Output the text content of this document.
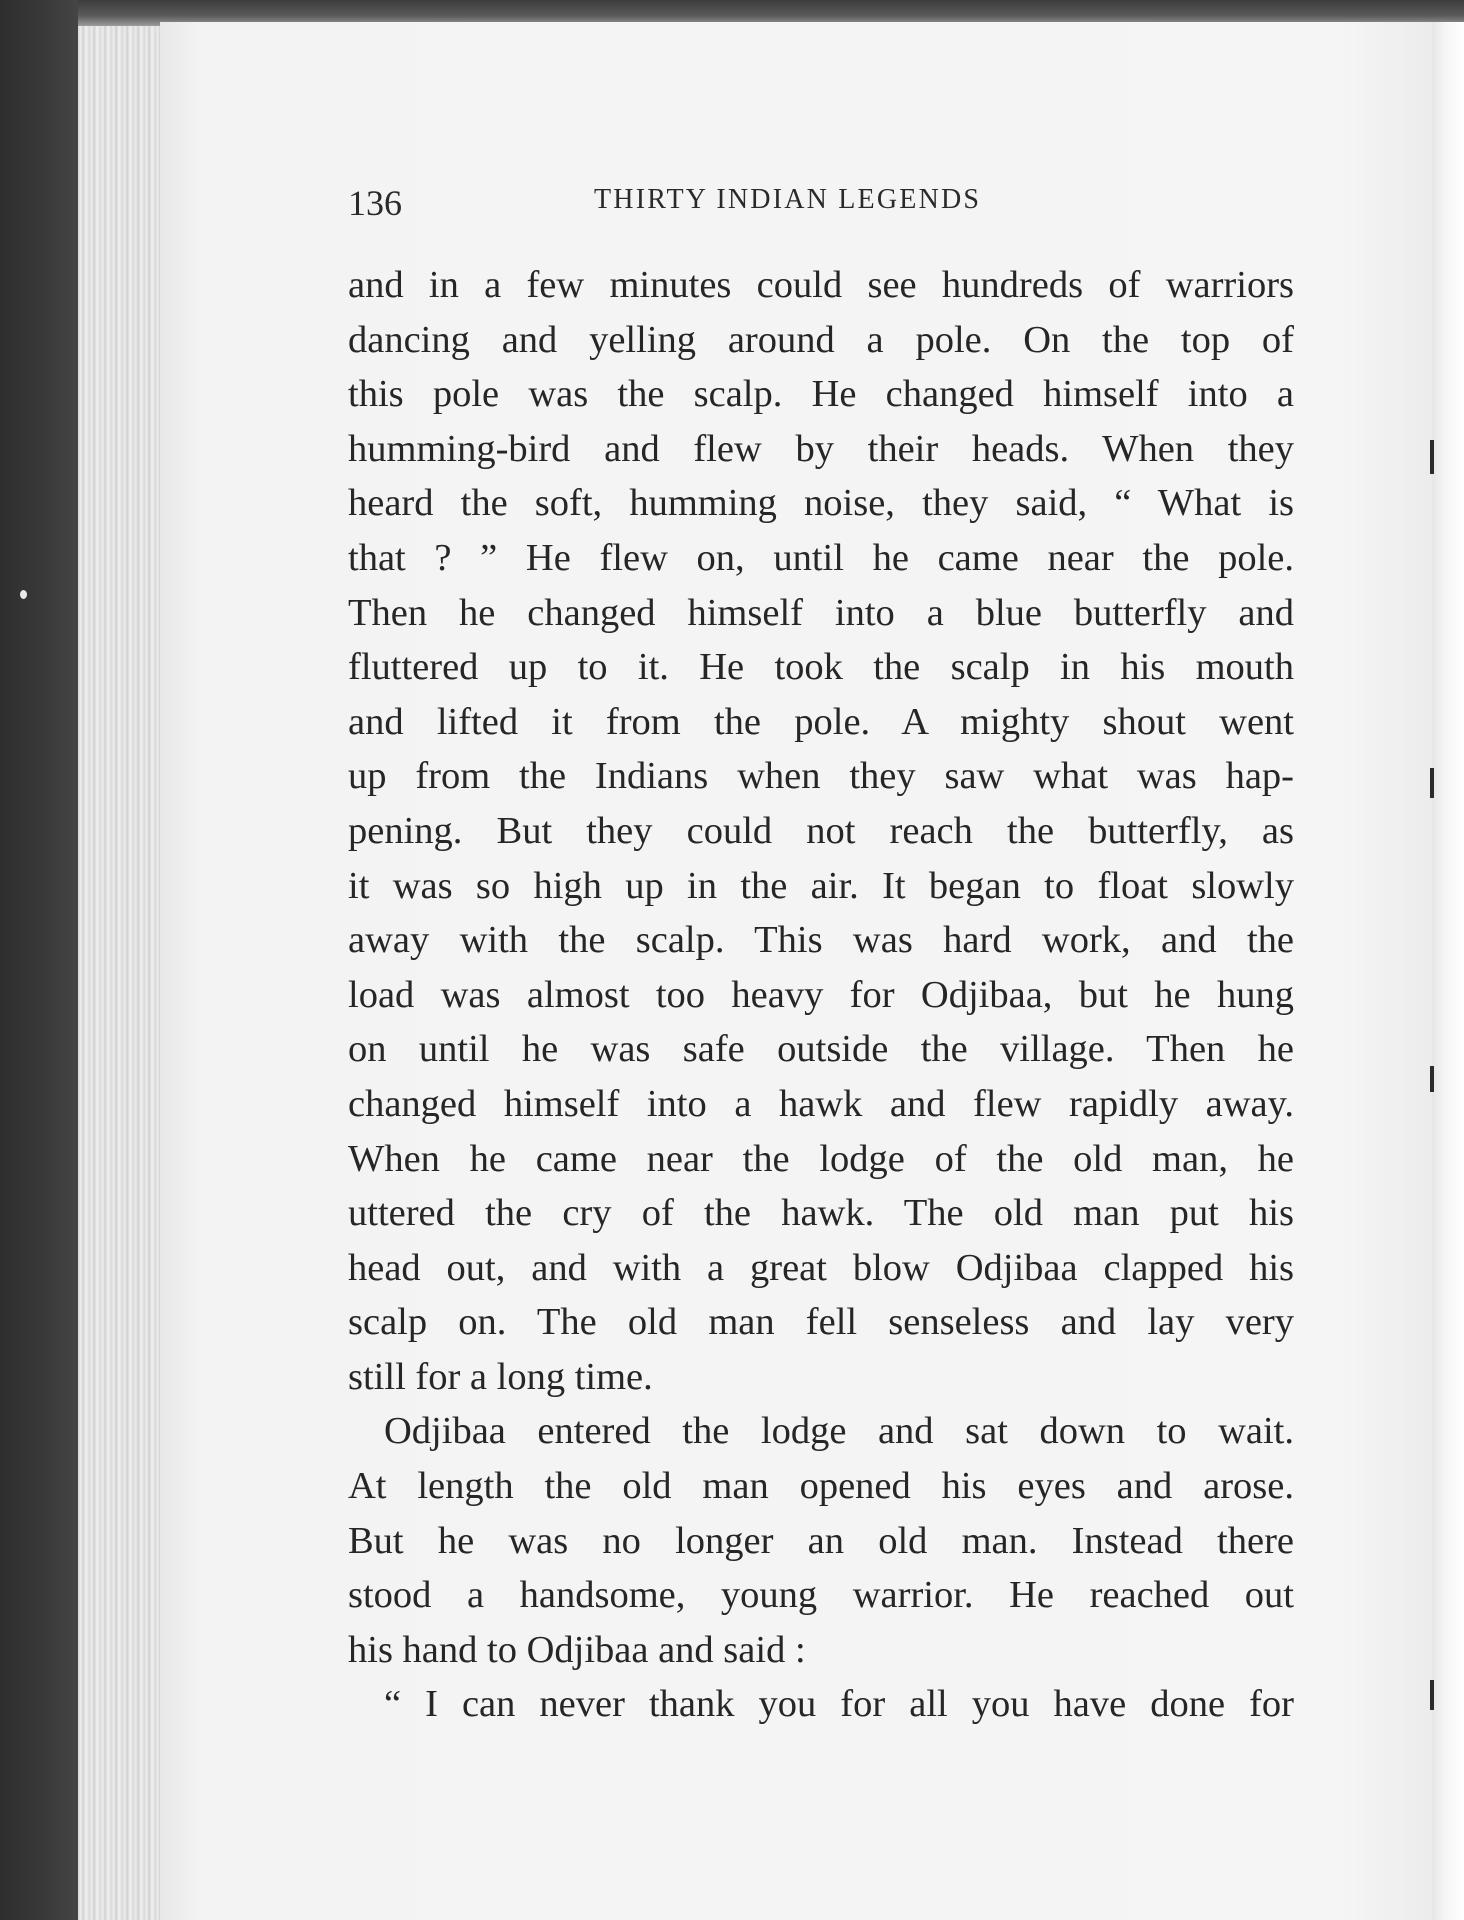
136	THIRTY INDIAN LEGENDS
and in a few minutes could see hundreds of warriors
dancing and yelling around a pole. On the top of
this pole was the scalp. He changed himself into a
humming-bird and flew by their heads. When they
heard the soft, humming noise, they said, “ What is
that ? ” He flew on, until he came near the pole.
Then he changed himself into a blue butterfly and
fluttered up to it. He took the scalp in his mouth
and lifted it from the pole. A mighty shout went
up from the Indians when they saw what was hap-
pening. But they could not reach the butterfly, as
it was so high up in the air. It began to float slowly
away with the scalp. This was hard work, and the
load was almost too heavy for Odjibaa, but he hung
on until he was safe outside the village. Then he
changed himself into a hawk and flew rapidly away.
When he came near the lodge of the old man, he
uttered the cry of the hawk. The old man put his
head out, and with a great blow Odjibaa clapped his
scalp on. The old man fell senseless and lay very
still for a long time.
Odjibaa entered the lodge and sat down to wait.
At length the old man opened his eyes and arose.
But he was no longer an old man. Instead there
stood a handsome, young warrior. He reached out
his hand to Odjibaa and said :
“ I can never thank you for all you have done for
